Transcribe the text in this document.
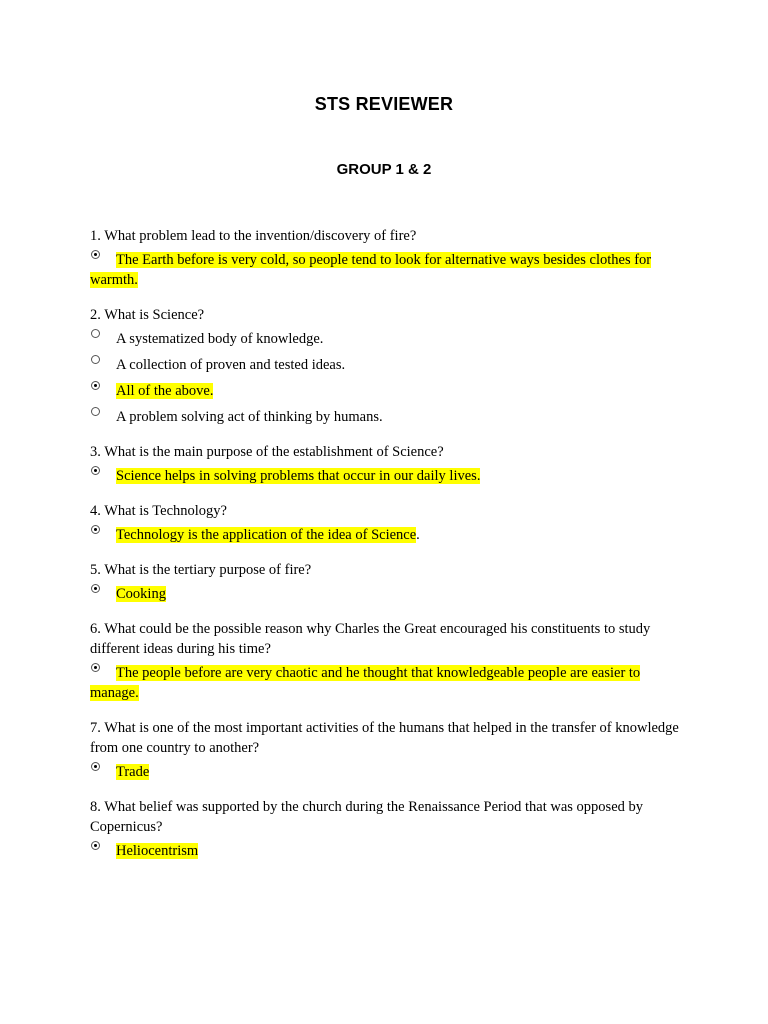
STS REVIEWER
GROUP 1 & 2
1. What problem lead to the invention/discovery of fire?
The Earth before is very cold, so people tend to look for alternative ways besides clothes for
warmth.
2. What is Science?
A systematized body of knowledge.
A collection of proven and tested ideas.
All of the above.
A problem solving act of thinking by humans.
3. What is the main purpose of the establishment of Science?
Science helps in solving problems that occur in our daily lives.
4. What is Technology?
Technology is the application of the idea of Science.
5. What is the tertiary purpose of fire?
Cooking
6. What could be the possible reason why Charles the Great encouraged his constituents to study different ideas during his time?
The people before are very chaotic and he thought that knowledgeable people are easier to
manage.
7. What is one of the most important activities of the humans that helped in the transfer of knowledge from one country to another?
Trade
8. What belief was supported by the church during the Renaissance Period that was opposed by Copernicus?
Heliocentrism
